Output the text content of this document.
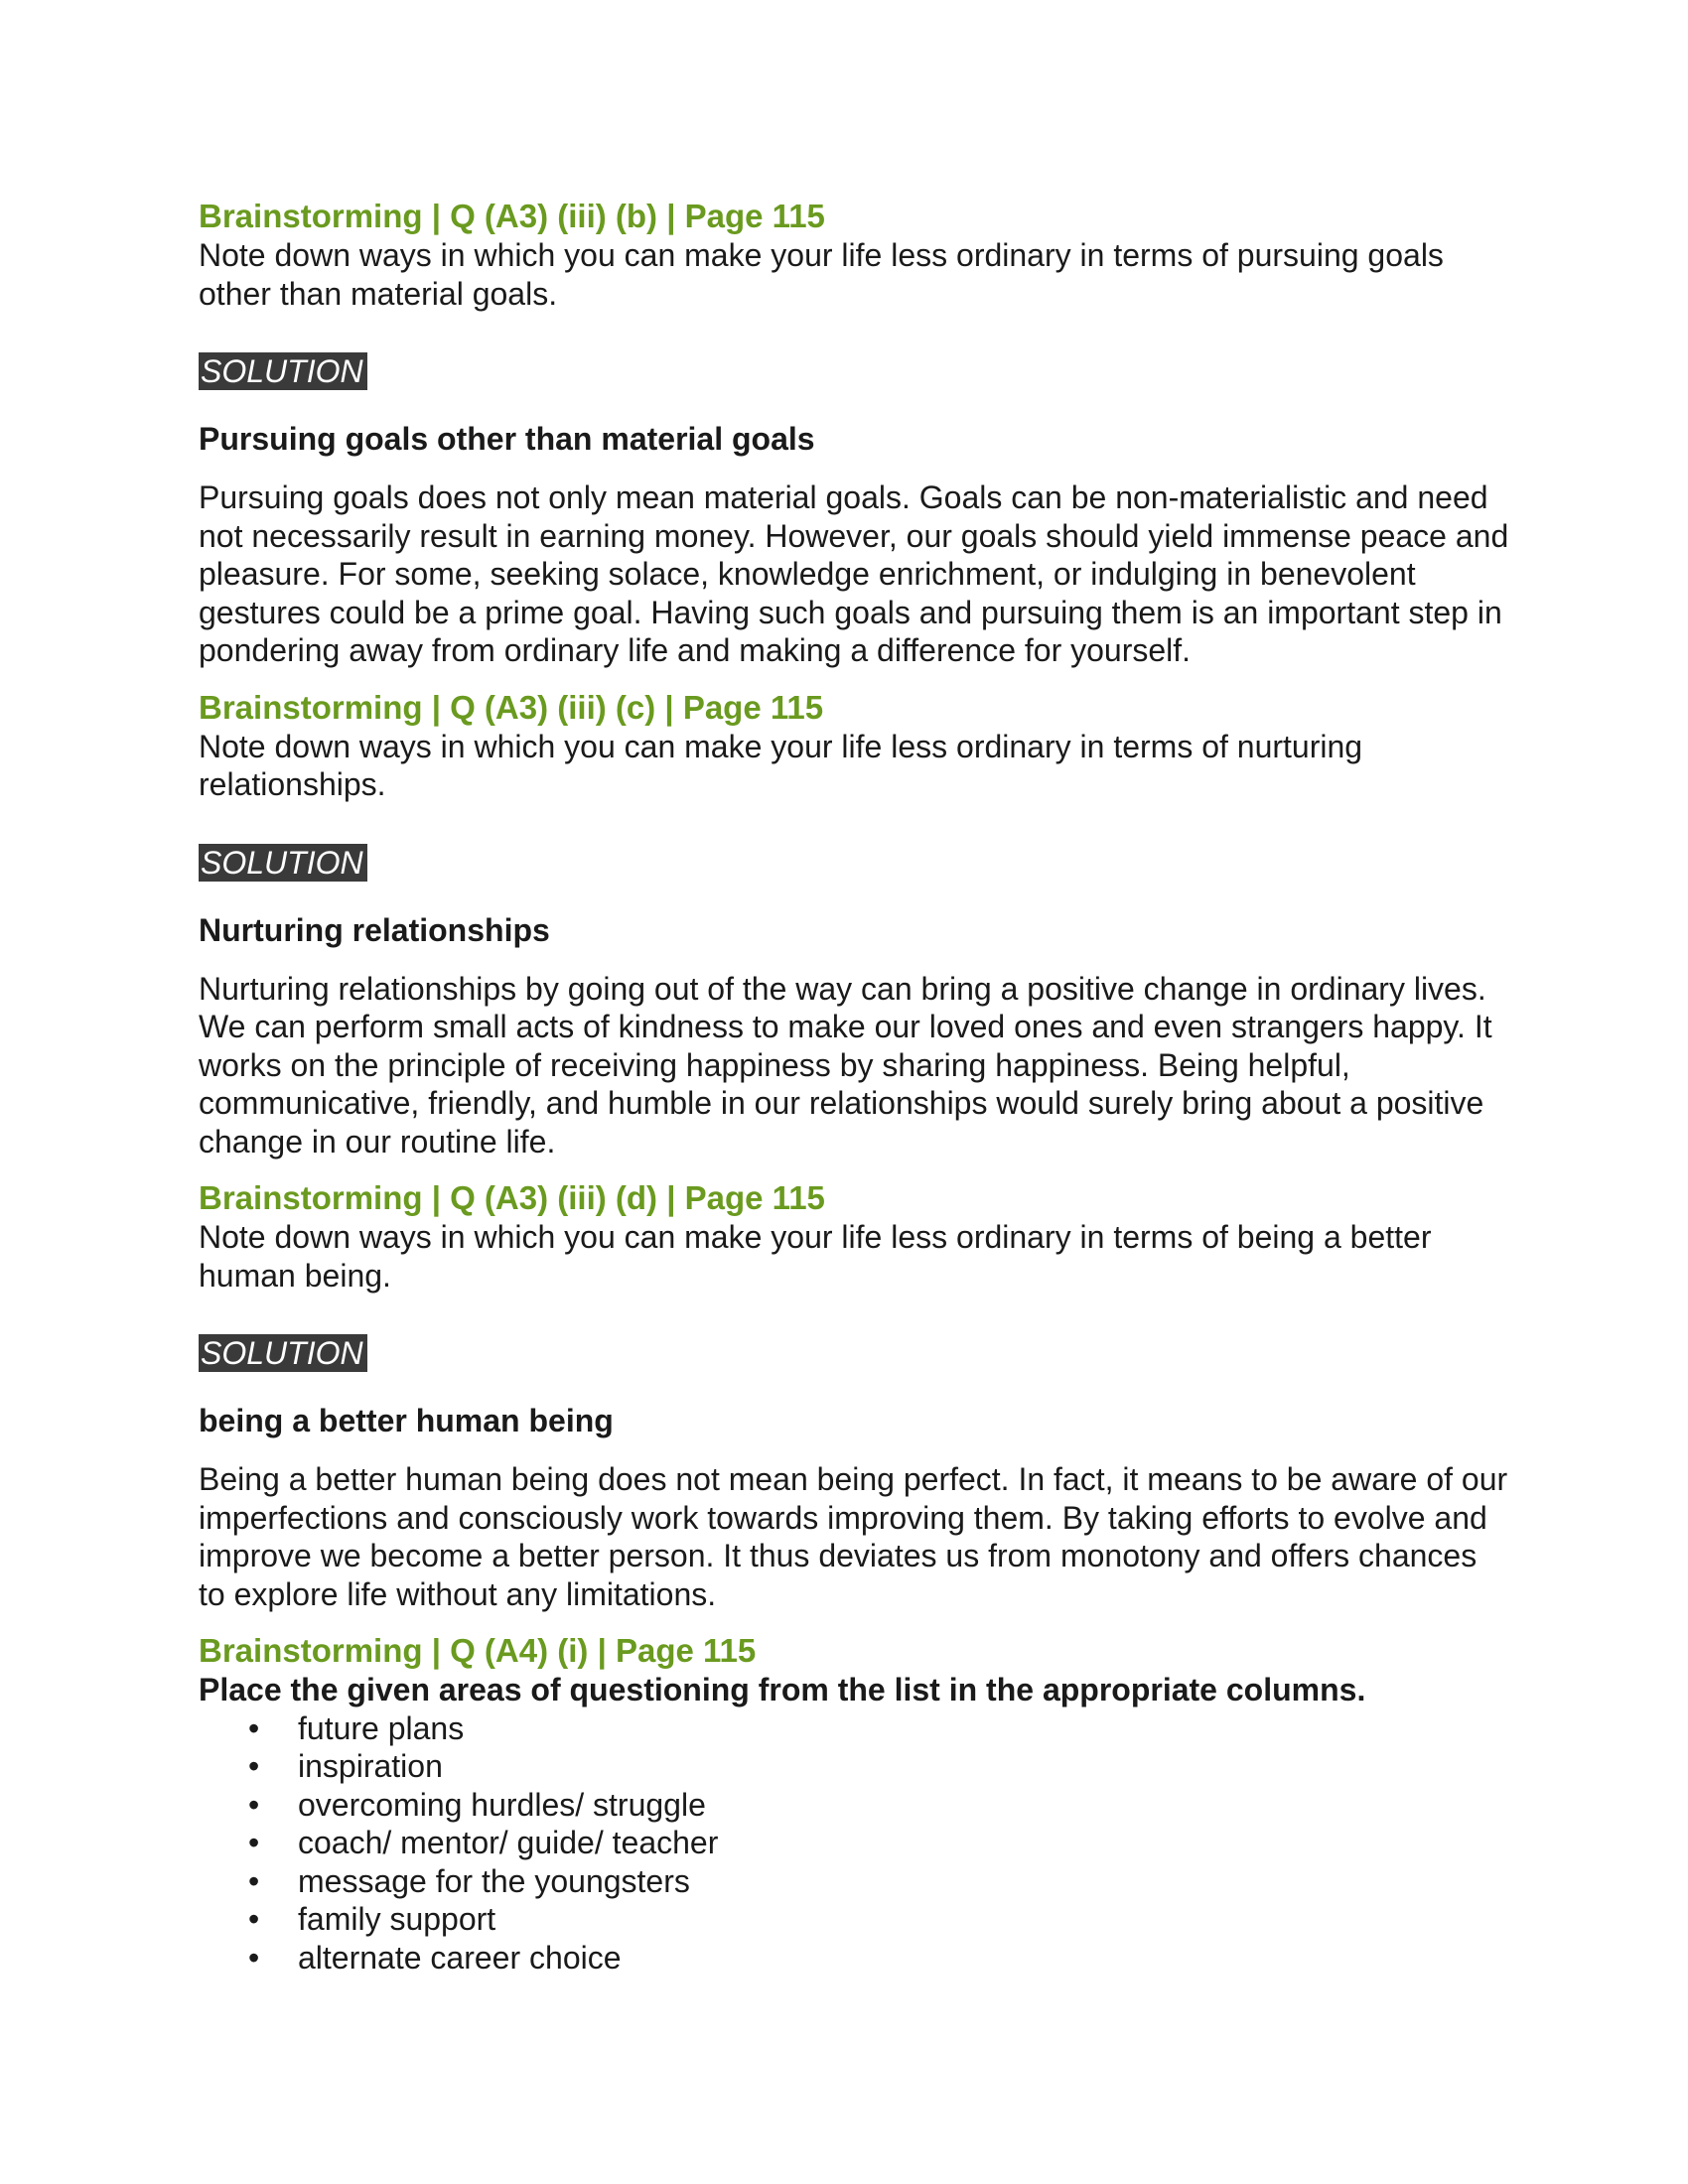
Brainstorming | Q (A3) (iii) (b) | Page 115

Note down ways in which you can make your life less ordinary in terms of pursuing goals other than material goals.

SOLUTION

Pursuing goals other than material goals

Pursuing goals does not only mean material goals. Goals can be non-materialistic and need not necessarily result in earning money. However, our goals should yield immense peace and pleasure. For some, seeking solace, knowledge enrichment, or indulging in benevolent gestures could be a prime goal. Having such goals and pursuing them is an important step in pondering away from ordinary life and making a difference for yourself.

Brainstorming | Q (A3) (iii) (c) | Page 115

Note down ways in which you can make your life less ordinary in terms of nurturing relationships.

SOLUTION

Nurturing relationships

Nurturing relationships by going out of the way can bring a positive change in ordinary lives. We can perform small acts of kindness to make our loved ones and even strangers happy. It works on the principle of receiving happiness by sharing happiness. Being helpful, communicative, friendly, and humble in our relationships would surely bring about a positive change in our routine life.

Brainstorming | Q (A3) (iii) (d) | Page 115

Note down ways in which you can make your life less ordinary in terms of being a better human being.

SOLUTION

being a better human being

Being a better human being does not mean being perfect. In fact, it means to be aware of our imperfections and consciously work towards improving them. By taking efforts to evolve and improve we become a better person. It thus deviates us from monotony and offers chances to explore life without any limitations.

Brainstorming | Q (A4) (i) | Page 115

Place the given areas of questioning from the list in the appropriate columns.

• future plans
• inspiration
• overcoming hurdles/ struggle
• coach/ mentor/ guide/ teacher
• message for the youngsters
• family support
• alternate career choice
